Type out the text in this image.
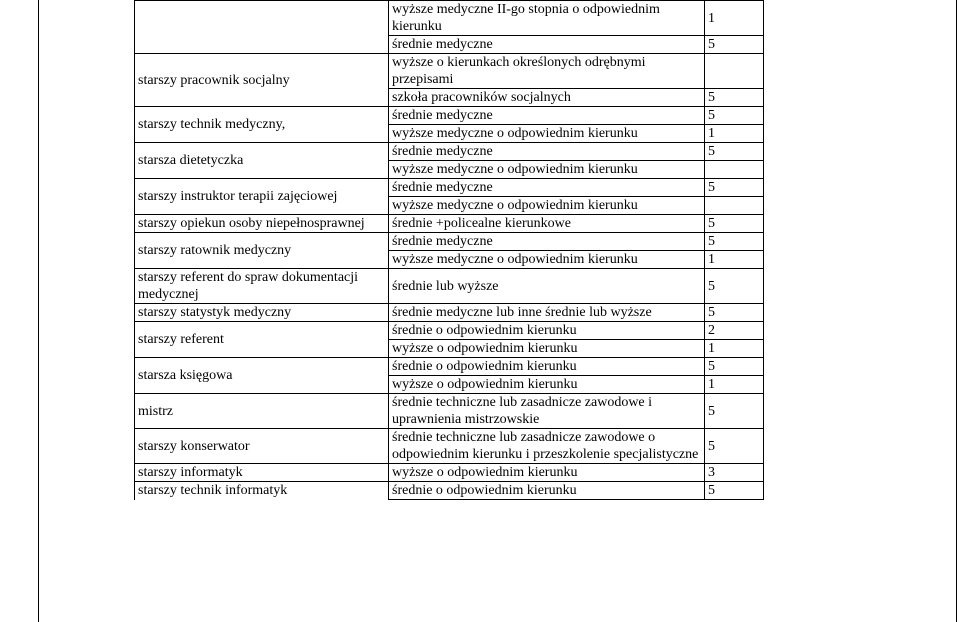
	wyższe medyczne II-go stopnia o odpowiednim kierunku	1
	średnie medyczne	5
starszy pracownik socjalny	wyższe o kierunkach określonych odrębnymi przepisami	
	szkoła pracowników socjalnych	5
starszy technik medyczny,	średnie medyczne	5
	wyższe medyczne o odpowiednim kierunku	1
starsza dietetyczka	średnie medyczne	5
	wyższe medyczne o odpowiednim kierunku	
starszy instruktor terapii zajęciowej	średnie medyczne	5
	wyższe medyczne o odpowiednim kierunku	
starszy opiekun osoby niepełnosprawnej	średnie +policealne kierunkowe	5
starszy ratownik medyczny	średnie medyczne	5
	wyższe medyczne o odpowiednim kierunku	1
starszy referent do spraw dokumentacji medycznej	średnie lub wyższe	5
starszy statystyk medyczny	średnie medyczne lub inne średnie lub wyższe	5
starszy referent	średnie o odpowiednim kierunku	2
	wyższe o odpowiednim kierunku	1
starsza księgowa	średnie o odpowiednim kierunku	5
	wyższe o odpowiednim kierunku	1
mistrz	średnie techniczne lub zasadnicze zawodowe i uprawnienia mistrzowskie	5
starszy konserwator	średnie techniczne lub zasadnicze zawodowe o odpowiednim kierunku i przeszkolenie specjalistyczne	5
starszy informatyk	wyższe o odpowiednim kierunku	3
starszy technik informatyk	średnie o odpowiednim kierunku	5
